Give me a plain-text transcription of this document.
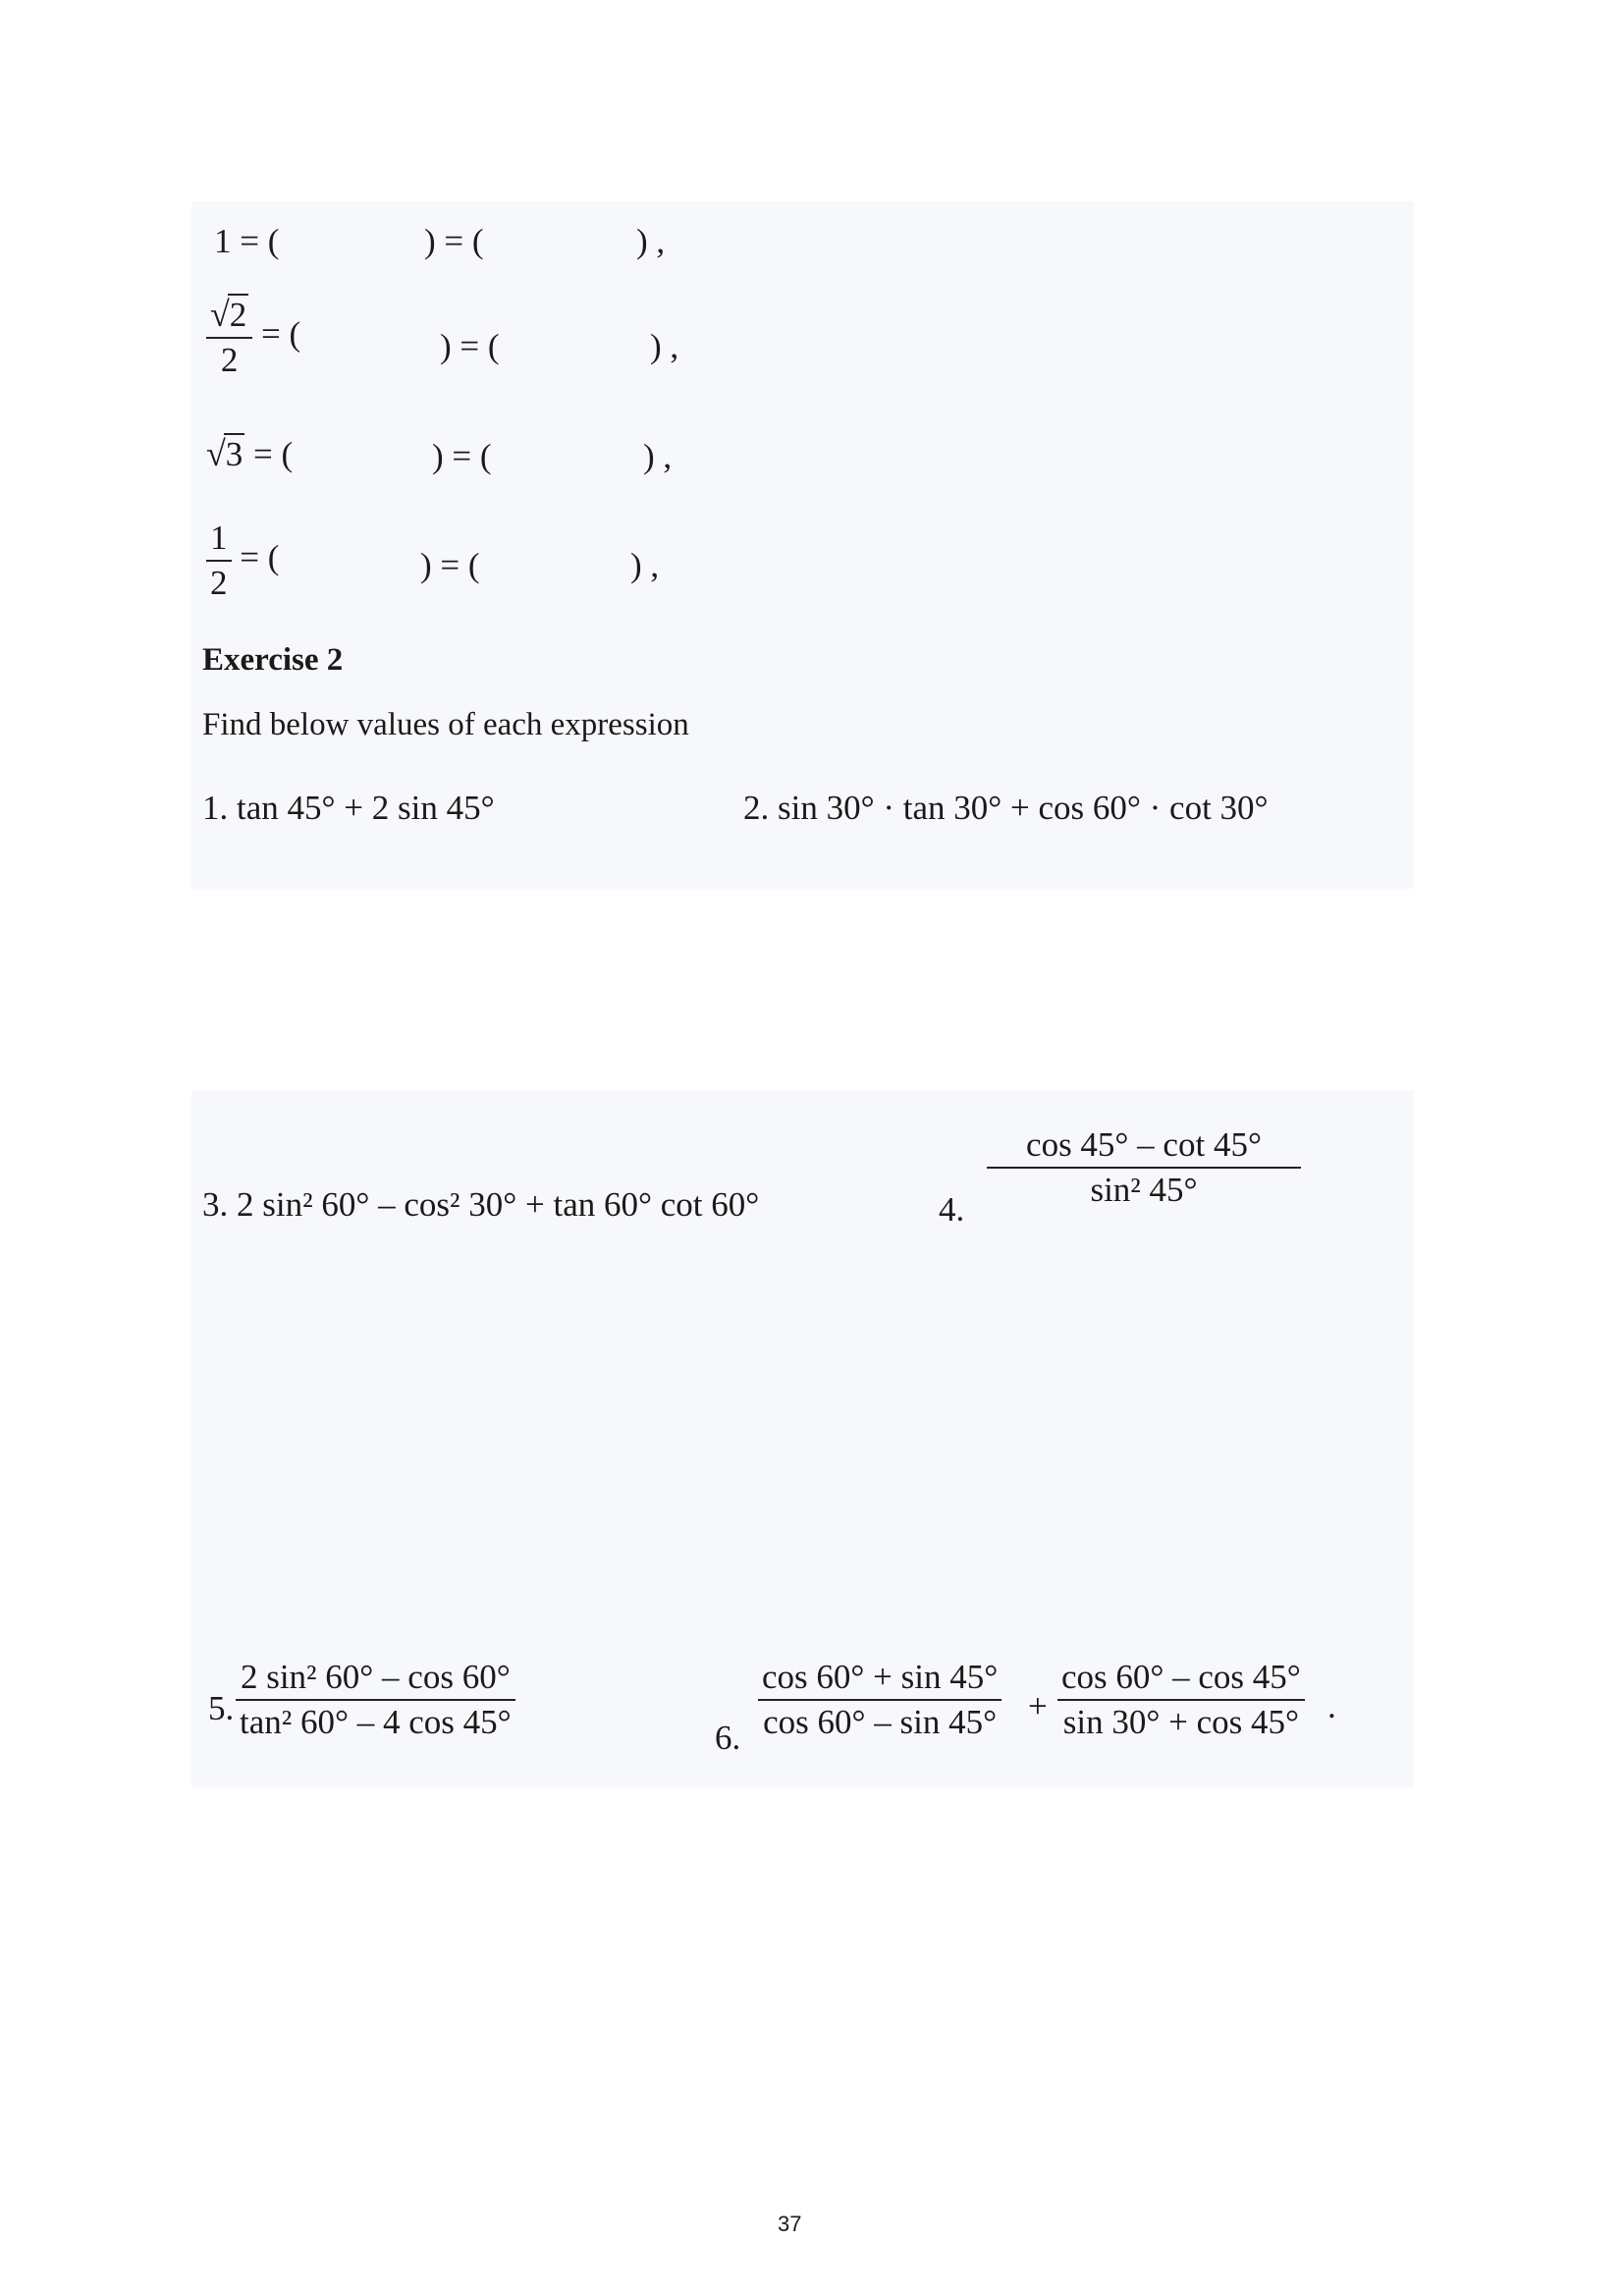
1 = (	) = (	) ,
$\frac{√2}{2}$ = (	) = (	) ,
√3 = (	) = (	) ,
$\frac{1}{2}$ = (	) = (	) ,
Exercise 2
Find below values of each expression
1. tan 45° + 2 sin 45°	2. sin 30° · tan 30° + cos 60° · cot 30°
3. 2 sin² 60° – cos² 30° + tan 60° cot 60°	4. $\frac{\cos 45^\circ - \cot 45^\circ}{\text{sin² 45°}}$
5. $\frac{\text{2 sin² 60° – cos 60°}}{\text{tan² 60° – 4 cos 45°}}$	6. $\frac{\cos 60^\circ + \sin 45^\circ}{\cos 60^\circ - \sin 45^\circ} + \frac{\cos 60^\circ - \cos 45^\circ}{\sin 30^\circ + \cos 45^\circ}$ .
37
